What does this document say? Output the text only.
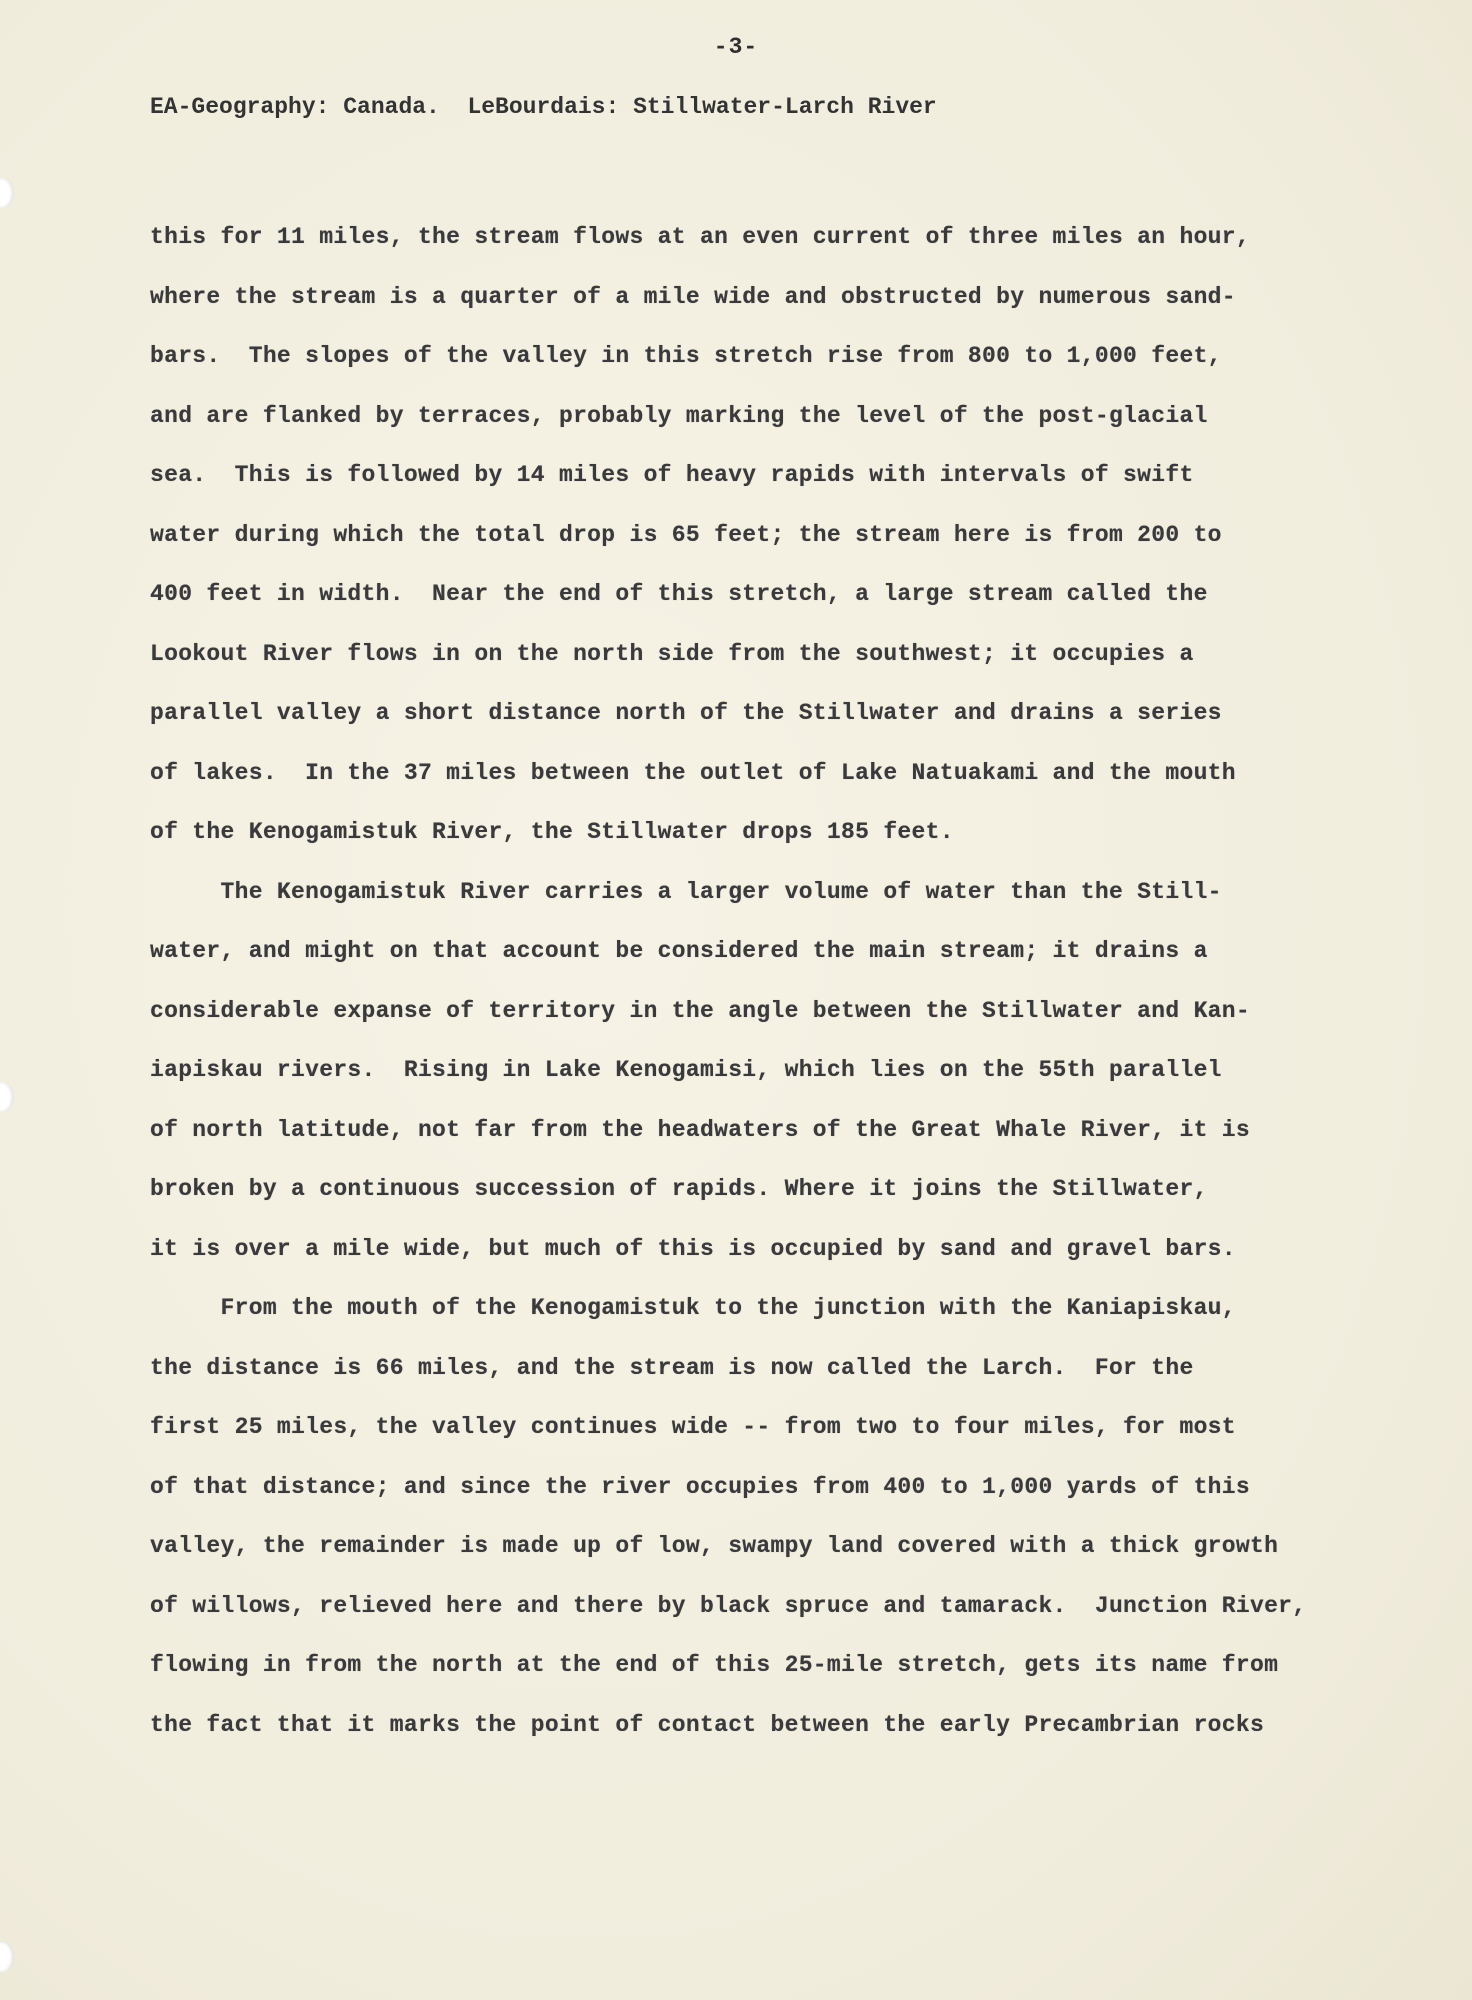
-3-
EA-Geography: Canada.  LeBourdais: Stillwater-Larch River
this for 11 miles, the stream flows at an even current of three miles an hour,
where the stream is a quarter of a mile wide and obstructed by numerous sand-
bars.  The slopes of the valley in this stretch rise from 800 to 1,000 feet,
and are flanked by terraces, probably marking the level of the post-glacial
sea.  This is followed by 14 miles of heavy rapids with intervals of swift
water during which the total drop is 65 feet; the stream here is from 200 to
400 feet in width.  Near the end of this stretch, a large stream called the
Lookout River flows in on the north side from the southwest; it occupies a
parallel valley a short distance north of the Stillwater and drains a series
of lakes.  In the 37 miles between the outlet of Lake Natuakami and the mouth
of the Kenogamistuk River, the Stillwater drops 185 feet.
The Kenogamistuk River carries a larger volume of water than the Still-
water, and might on that account be considered the main stream; it drains a
considerable expanse of territory in the angle between the Stillwater and Kan-
iapiskau rivers.  Rising in Lake Kenogamisi, which lies on the 55th parallel
of north latitude, not far from the headwaters of the Great Whale River, it is
broken by a continuous succession of rapids. Where it joins the Stillwater,
it is over a mile wide, but much of this is occupied by sand and gravel bars.
From the mouth of the Kenogamistuk to the junction with the Kaniapiskau,
the distance is 66 miles, and the stream is now called the Larch.  For the
first 25 miles, the valley continues wide -- from two to four miles, for most
of that distance; and since the river occupies from 400 to 1,000 yards of this
valley, the remainder is made up of low, swampy land covered with a thick growth
of willows, relieved here and there by black spruce and tamarack.  Junction River,
flowing in from the north at the end of this 25-mile stretch, gets its name from
the fact that it marks the point of contact between the early Precambrian rocks
